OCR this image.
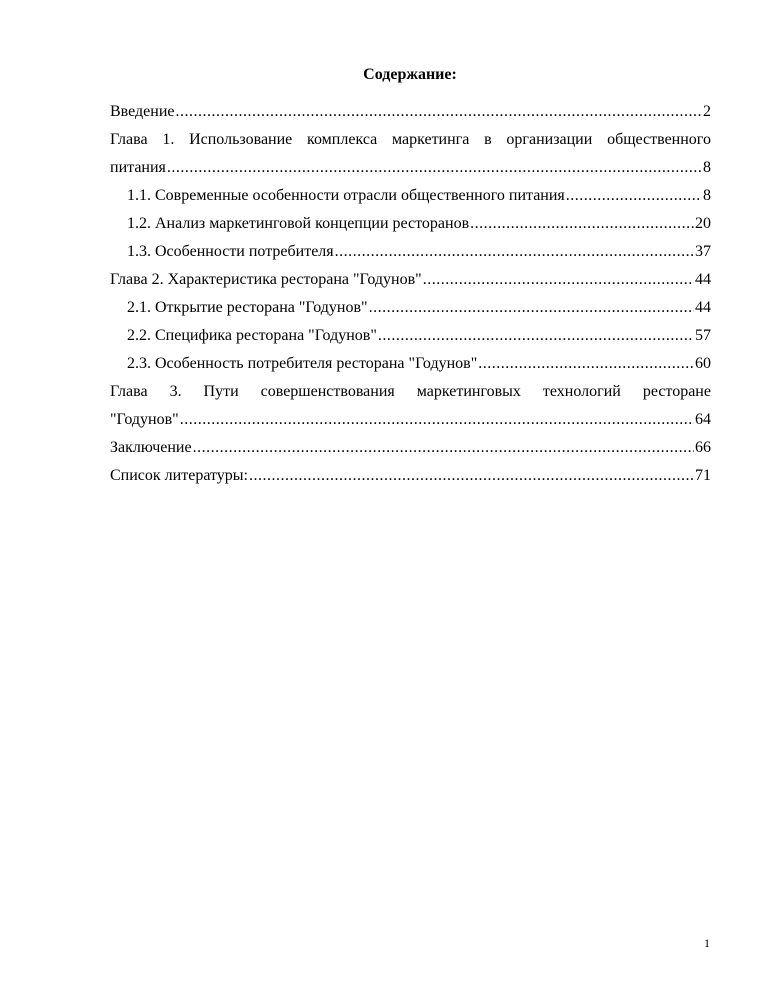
Содержание:
Введение .....	2
Глава 1. Использование комплекса маркетинга в организации общественного
питания .....	8
1.1. Современные особенности отрасли общественного питания .....	8
1.2. Анализ маркетинговой концепции ресторанов .....	20
1.3. Особенности потребителя .....	37
Глава 2. Характеристика ресторана "Годунов" .....	44
2.1. Открытие ресторана "Годунов" .....	44
2.2. Специфика ресторана "Годунов" .....	57
2.3. Особенность потребителя ресторана "Годунов" .....	60
Глава 3. Пути совершенствования маркетинговых технологий ресторане
"Годунов" .....	64
Заключение .....	66
Список литературы: .....	71
1
